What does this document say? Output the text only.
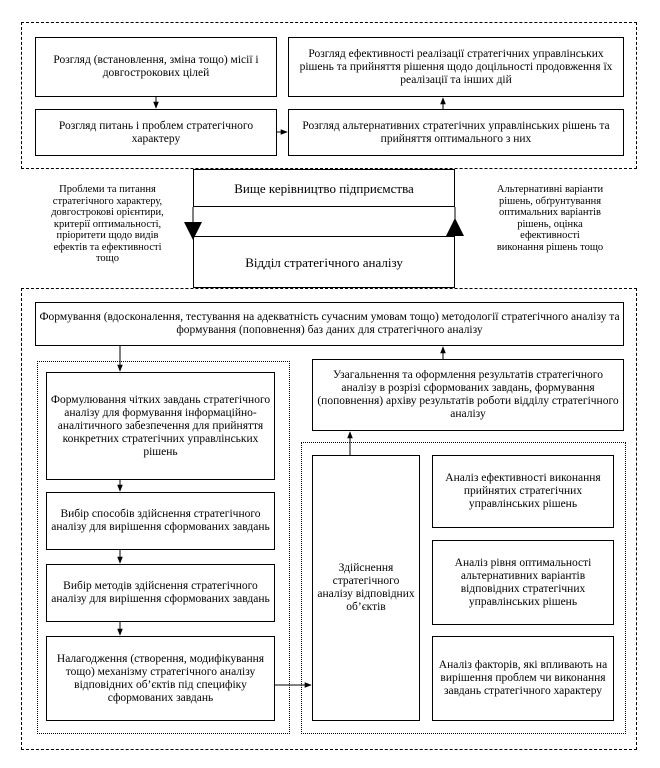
Розгляд (встановлення, зміна тощо) місії і довгострокових цілей
Розгляд ефективності реалізації стратегічних управлінських рішень та прийняття рішення щодо доцільності продовження їх реалізації та інших дій
Розгляд питань і проблем стратегічного характеру
Розгляд альтернативних стратегічних управлінських рішень та прийняття оптимального з них
Вище керівництво підприємства
Відділ стратегічного аналізу
Проблеми та питання
стратегічного характеру,
довгострокові орієнтири,
критерії оптимальності,
пріоритети щодо видів
ефектів та ефективності
тощо
Альтернативні варіанти
рішень, обґрунтування
оптимальних варіантів
рішень, оцінка
ефективності
виконання рішень тощо
Формування (вдосконалення, тестування на адекватність сучасним умовам тощо) методології стратегічного аналізу та формування (поповнення) баз даних для стратегічного аналізу
Формулювання чітких завдань стратегічного аналізу для формування інформаційно-аналітичного забезпечення для прийняття конкретних стратегічних управлінських рішень
Вибір способів здійснення стратегічного аналізу для вирішення сформованих завдань
Вибір методів здійснення стратегічного аналізу для вирішення сформованих завдань
Налагодження (створення, модифікування тощо) механізму стратегічного аналізу відповідних об’єктів під специфіку сформованих завдань
Узагальнення та оформлення результатів стратегічного аналізу в розрізі сформованих завдань, формування (поповнення) архіву результатів роботи відділу стратегічного аналізу
Здійснення стратегічного аналізу відповідних об’єктів
Аналіз ефективності виконання прийнятих стратегічних управлінських рішень
Аналіз рівня оптимальності альтернативних варіантів відповідних стратегічних управлінських рішень
Аналіз факторів, які впливають на вирішення проблем чи виконання завдань стратегічного характеру
